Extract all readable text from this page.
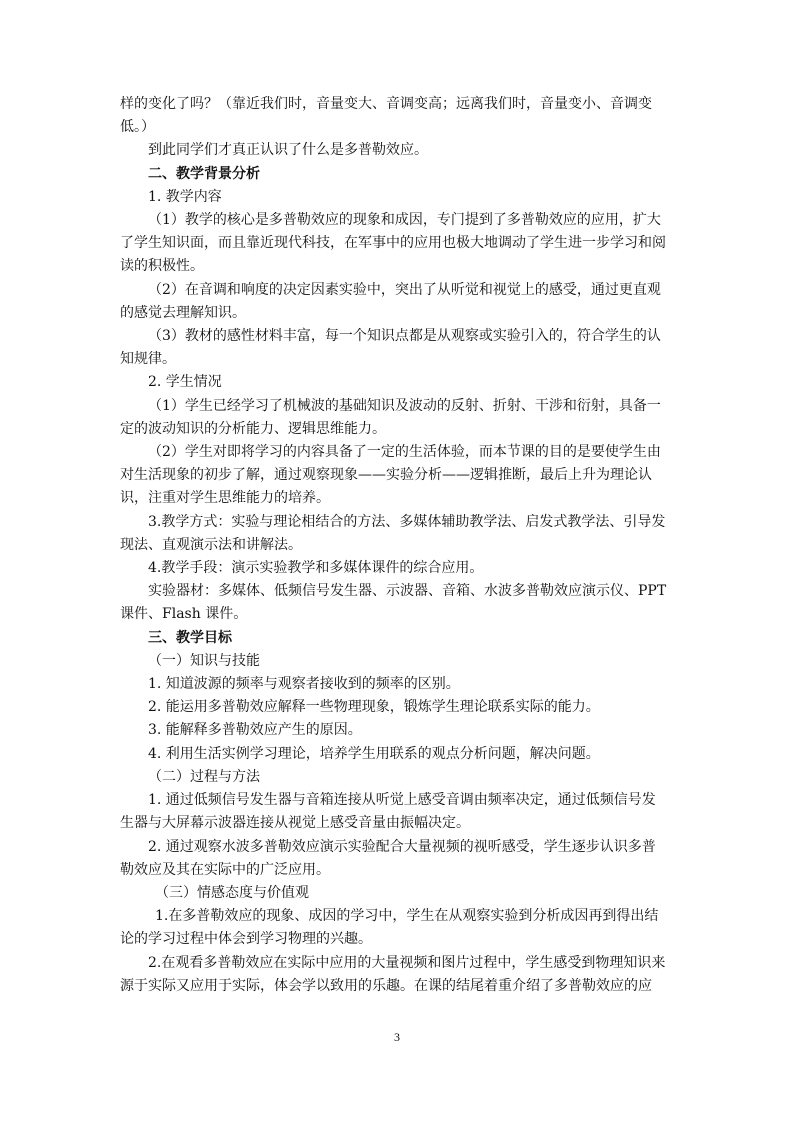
样的变化了吗？（靠近我们时，音量变大、音调变高；远离我们时，音量变小、音调变

低。）

到此同学们才真正认识了什么是多普勒效应。

二、教学背景分析

1. 教学内容

（1）教学的核心是多普勒效应的现象和成因，专门提到了多普勒效应的应用，扩大

了学生知识面，而且靠近现代科技，在军事中的应用也极大地调动了学生进一步学习和阅

读的积极性。

（2）在音调和响度的决定因素实验中，突出了从听觉和视觉上的感受，通过更直观

的感觉去理解知识。

（3）教材的感性材料丰富，每一个知识点都是从观察或实验引入的，符合学生的认

知规律。

2. 学生情况

（1）学生已经学习了机械波的基础知识及波动的反射、折射、干涉和衍射，具备一

定的波动知识的分析能力、逻辑思维能力。

（2）学生对即将学习的内容具备了一定的生活体验，而本节课的目的是要使学生由

对生活现象的初步了解，通过观察现象——实验分析——逻辑推断，最后上升为理论认

识，注重对学生思维能力的培养。

3.教学方式：实验与理论相结合的方法、多媒体辅助教学法、启发式教学法、引导发

现法、直观演示法和讲解法。

4.教学手段：演示实验教学和多媒体课件的综合应用。

实验器材：多媒体、低频信号发生器、示波器、音箱、水波多普勒效应演示仪、PPT

课件、Flash 课件。

三、教学目标

（一）知识与技能

1. 知道波源的频率与观察者接收到的频率的区别。

2. 能运用多普勒效应解释一些物理现象，锻炼学生理论联系实际的能力。

3. 能解释多普勒效应产生的原因。

4. 利用生活实例学习理论，培养学生用联系的观点分析问题，解决问题。

（二）过程与方法

1. 通过低频信号发生器与音箱连接从听觉上感受音调由频率决定，通过低频信号发

生器与大屏幕示波器连接从视觉上感受音量由振幅决定。

2. 通过观察水波多普勒效应演示实验配合大量视频的视听感受，学生逐步认识多普

勒效应及其在实际中的广泛应用。

（三）情感态度与价值观

1.在多普勒效应的现象、成因的学习中，学生在从观察实验到分析成因再到得出结

论的学习过程中体会到学习物理的兴趣。

2.在观看多普勒效应在实际中应用的大量视频和图片过程中，学生感受到物理知识来

源于实际又应用于实际，体会学以致用的乐趣。在课的结尾着重介绍了多普勒效应的应

3
